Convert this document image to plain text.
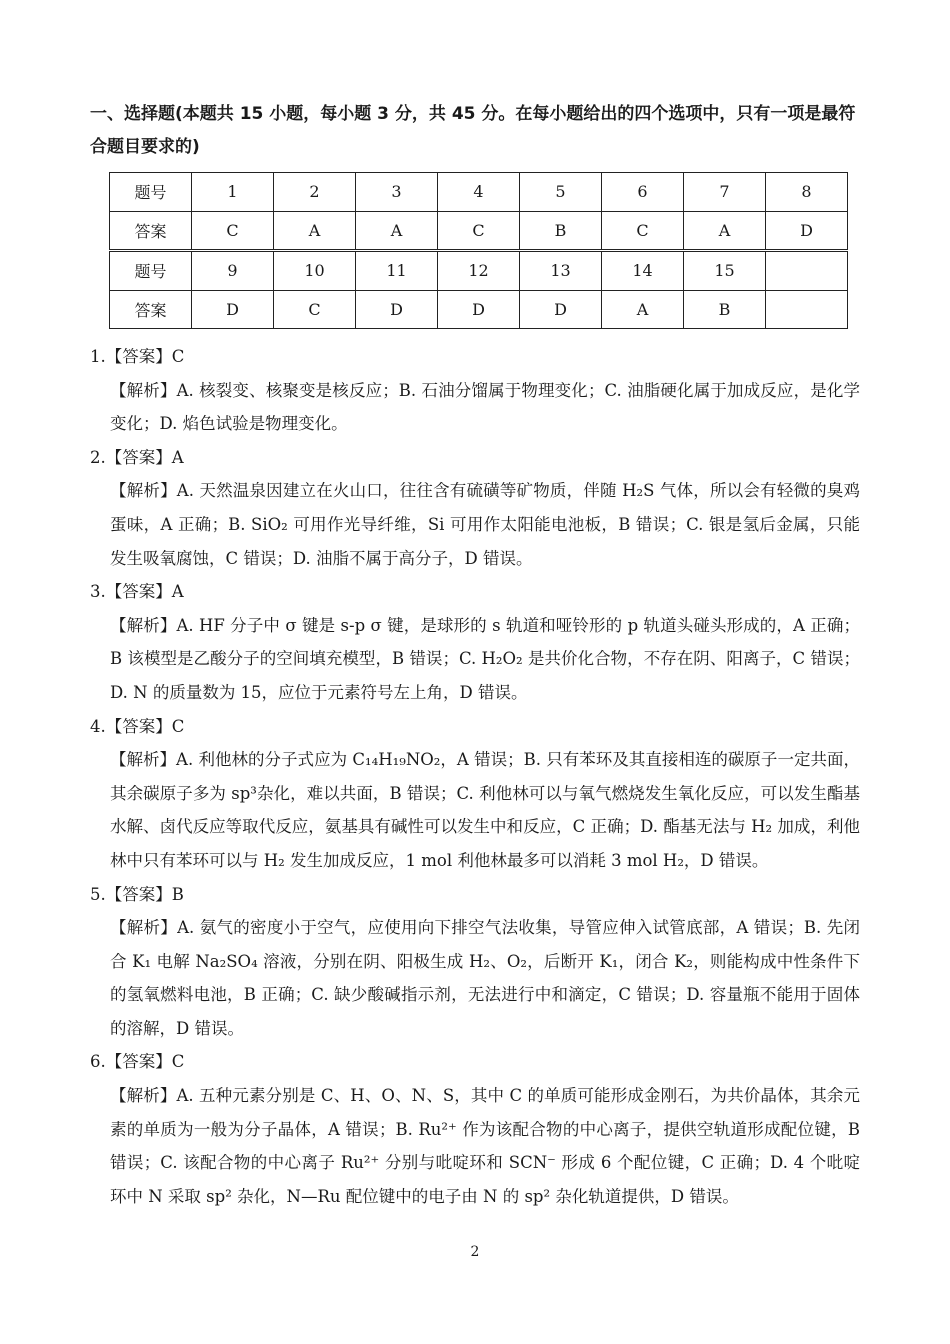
一、选择题(本题共 15 小题，每小题 3 分，共 45 分。在每小题给出的四个选项中，只有一项是最符合题目要求的)
题号	1	2	3	4	5	6	7	8
答案	C	A	A	C	B	C	A	D
题号	9	10	11	12	13	14	15	
答案	D	C	D	D	D	A	B	

1.【答案】C

【解析】A. 核裂变、核聚变是核反应；B. 石油分馏属于物理变化；C. 油脂硬化属于加成反应，是化学变化；D. 焰色试验是物理变化。

2.【答案】A

【解析】A. 天然温泉因建立在火山口，往往含有硫磺等矿物质，伴随 H₂S 气体，所以会有轻微的臭鸡蛋味，A 正确；B. SiO₂ 可用作光导纤维，Si 可用作太阳能电池板，B 错误；C. 银是氢后金属，只能发生吸氧腐蚀，C 错误；D. 油脂不属于高分子，D 错误。

3.【答案】A

【解析】A. HF 分子中 σ 键是 s-p σ 键，是球形的 s 轨道和哑铃形的 p 轨道头碰头形成的，A 正确；B 该模型是乙酸分子的空间填充模型，B 错误；C. H₂O₂ 是共价化合物，不存在阴、阳离子，C 错误；D. N 的质量数为 15，应位于元素符号左上角，D 错误。

4.【答案】C

【解析】A. 利他林的分子式应为 C₁₄H₁₉NO₂，A 错误；B. 只有苯环及其直接相连的碳原子一定共面，其余碳原子多为 sp³杂化，难以共面，B 错误；C. 利他林可以与氧气燃烧发生氧化反应，可以发生酯基水解、卤代反应等取代反应，氨基具有碱性可以发生中和反应，C 正确；D. 酯基无法与 H₂ 加成，利他林中只有苯环可以与 H₂ 发生加成反应，1 mol 利他林最多可以消耗 3 mol H₂，D 错误。

5.【答案】B

【解析】A. 氨气的密度小于空气，应使用向下排空气法收集，导管应伸入试管底部，A 错误；B. 先闭合 K₁ 电解 Na₂SO₄ 溶液，分别在阴、阳极生成 H₂、O₂，后断开 K₁，闭合 K₂，则能构成中性条件下的氢氧燃料电池，B 正确；C. 缺少酸碱指示剂，无法进行中和滴定，C 错误；D. 容量瓶不能用于固体的溶解，D 错误。

6.【答案】C

【解析】A. 五种元素分别是 C、H、O、N、S，其中 C 的单质可能形成金刚石，为共价晶体，其余元素的单质为一般为分子晶体，A 错误；B. Ru²⁺ 作为该配合物的中心离子，提供空轨道形成配位键，B 错误；C. 该配合物的中心离子 Ru²⁺ 分别与吡啶环和 SCN⁻ 形成 6 个配位键，C 正确；D. 4 个吡啶环中 N 采取 sp² 杂化，N—Ru 配位键中的电子由 N 的 sp² 杂化轨道提供，D 错误。

2
